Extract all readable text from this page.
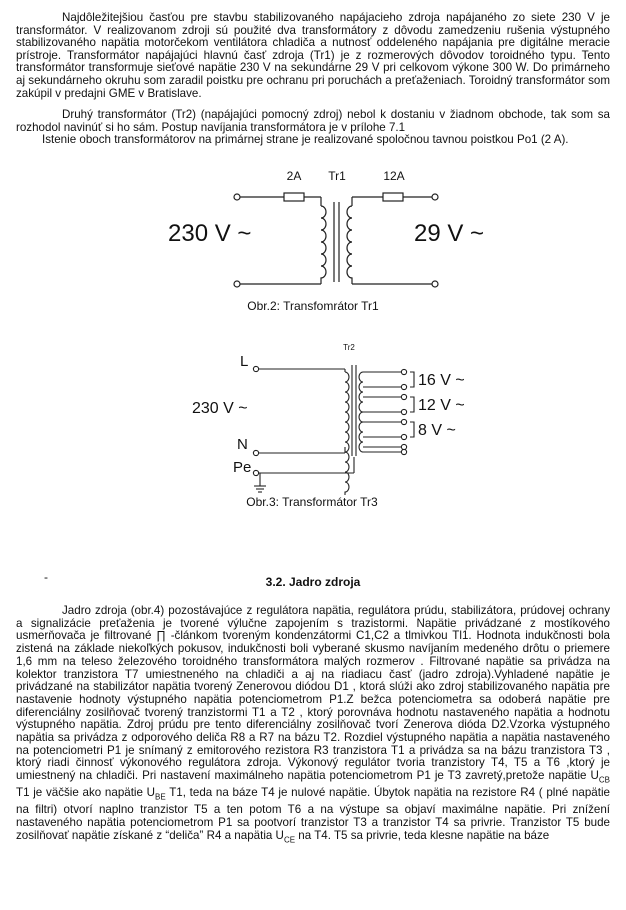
Najdôležitejšiou časťou pre stavbu stabilizovaného napájacieho zdroja napájaného zo siete 230 V je transformátor. V realizovanom zdroji sú použité dva transformátory z dôvodu zamedzeniu rušenia výstupného stabilizovaného napätia motorčekom ventilátora chladiča a nutnosť oddeleného napájania pre digitálne meracie prístroje. Transformátor napájajúci hlavnú časť zdroja (Tr1) je z rozmerových dôvodov toroidného typu. Tento transformátor transformuje sieťové napätie 230 V na sekundárne 29 V pri celkovom výkone 300 W. Do primárneho aj sekundárneho okruhu som zaradil poistku pre ochranu pri poruchách a preťaženiach. Toroidný transformátor som zakúpil v predajni GME v Bratislave.

Druhý transformátor (Tr2) (napájajúci pomocný zdroj) nebol k dostaniu v žiadnom obchode, tak som sa rozhodol navinúť si ho sám. Postup navíjania transformátora je v prílohe 7.1

Istenie oboch transformátorov na primárnej strane je realizované spoločnou tavnou poistkou Po1 (2 A).

2A Tr1	12A
230 V ~	29 V ~
Obr.2: Transfomrátor Tr1
Tr2
L
230 V ~
N
Pe
16 V ~
12 V ~
8 V ~
Obr.3: Transformátor Tr3
-	3.2. Jadro zdroja

Jadro zdroja (obr.4) pozostávajúce z regulátora napätia, regulátora prúdu, stabilizátora, prúdovej ochrany a signalizácie preťaženia je tvorené výlučne zapojením s trazistormi. Napätie privádzané z mostíkového usmerňovača je filtrované ∏ -článkom tvoreným kondenzátormi C1,C2 a tlmivkou Tl1. Hodnota indukčnosti bola zistená na základe niekoľkých pokusov, indukčnosti boli vyberané skusmo navíjaním medeného drôtu o priemere 1,6 mm na teleso železového toroidného transformátora malých rozmerov . Filtrované napätie sa privádza na kolektor tranzistora T7 umiestneného na chladiči a aj na riadiacu časť (jadro zdroja).Vyhladené napätie je privádzané na stabilizátor napätia tvorený Zenerovou diódou D1 , ktorá slúži ako zdroj stabilizovaného napätia pre nastavenie hodnoty výstupného napätia potenciometrom P1.Z bežca potenciometra sa odoberá napätie pre diferenciálny zosilňovač tvorený tranzistormi T1 a T2 , ktorý porovnáva hodnotu nastaveného napätia a hodnotu výstupného napätia. Zdroj prúdu pre tento diferenciálny zosilňovač tvorí Zenerova dióda D2.Vzorka výstupného napätia sa privádza z odporového deliča R8 a R7 na bázu T2. Rozdiel výstupného napätia a napätia nastaveného na potenciometri P1 je snímaný z emitorového rezistora R3 tranzistora T1 a privádza sa na bázu tranzistora T3 , ktorý riadi činnosť výkonového regulátora zdroja. Výkonový regulátor tvoria tranzistory T4, T5 a T6 ,ktorý je umiestnený na chladiči. Pri nastavení maximálneho napätia potenciometrom P1 je T3 zavretý,pretože napätie $U_{CB}$ T1 je väčšie ako napätie $U_{BE}$ T1, teda na báze T4 je nulové napätie. Úbytok napätia na rezistore R4 ( plné napätie na filtri) otvorí naplno tranzistor T5 a ten potom T6 a na výstupe sa objaví maximálne napätie. Pri znížení nastaveného napätia potenciometrom P1 sa pootvorí tranzistor T3 a tranzistor T4 sa privrie. Tranzistor T5 bude zosilňovať napätie získané z “deliča” R4 a napätia $U_{CE}$ na T4. T5 sa privrie, teda klesne napätie na báze
